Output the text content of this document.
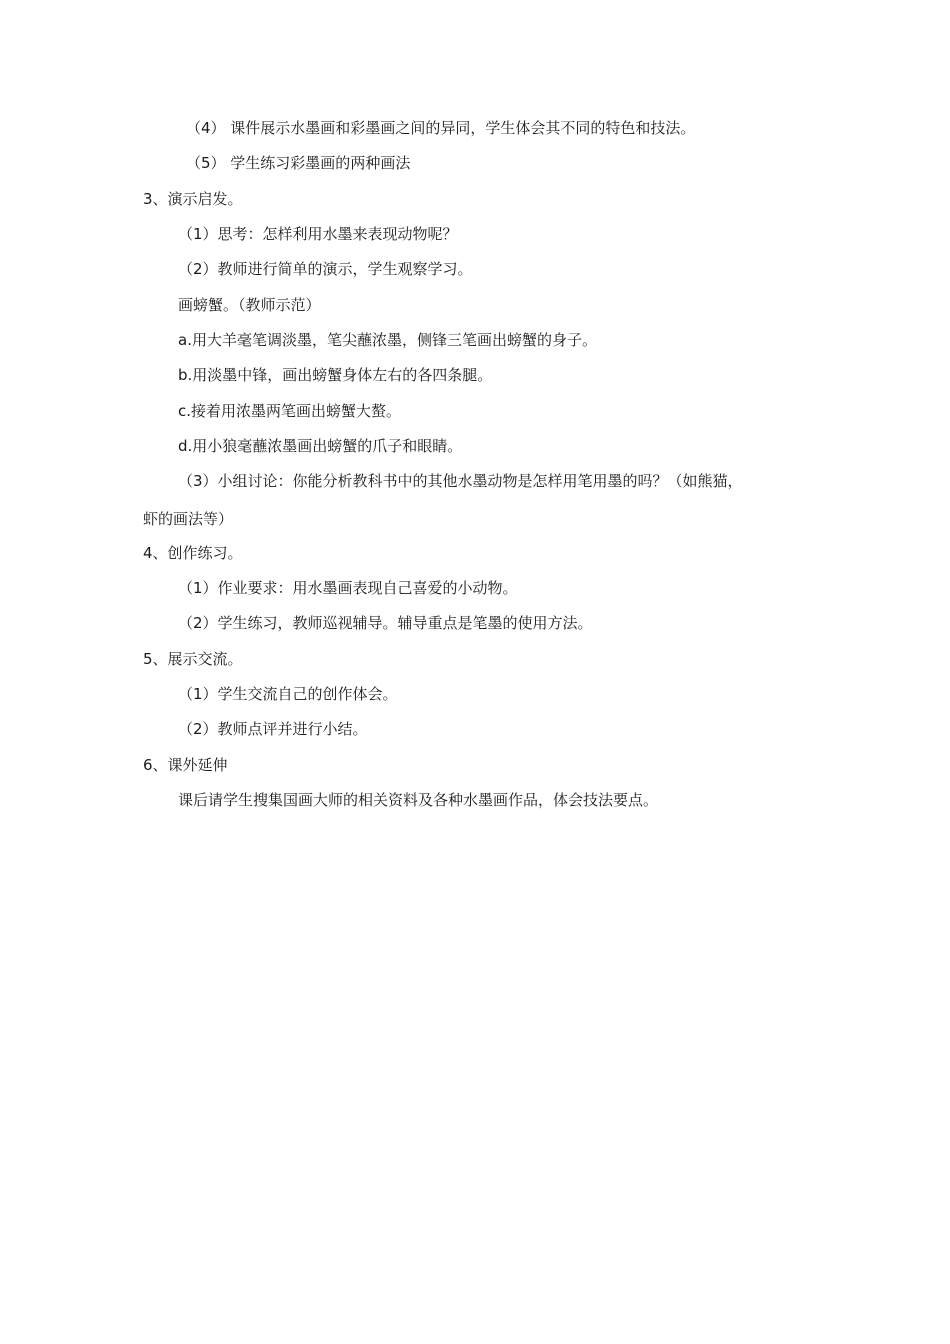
（4） 课件展示水墨画和彩墨画之间的异同，学生体会其不同的特色和技法。
（5） 学生练习彩墨画的两种画法
3、演示启发。
（1）思考：怎样利用水墨来表现动物呢？
（2）教师进行简单的演示，学生观察学习。
画螃蟹。（教师示范）
a.用大羊毫笔调淡墨，笔尖蘸浓墨，侧锋三笔画出螃蟹的身子。
b.用淡墨中锋，画出螃蟹身体左右的各四条腿。
c.接着用浓墨两笔画出螃蟹大螯。
d.用小狼毫蘸浓墨画出螃蟹的爪子和眼睛。
（3）小组讨论：你能分析教科书中的其他水墨动物是怎样用笔用墨的吗？（如熊猫，
虾的画法等）
4、创作练习。
（1）作业要求：用水墨画表现自己喜爱的小动物。
（2）学生练习，教师巡视辅导。辅导重点是笔墨的使用方法。
5、展示交流。
（1）学生交流自己的创作体会。
（2）教师点评并进行小结。
6、课外延伸
课后请学生搜集国画大师的相关资料及各种水墨画作品，体会技法要点。
